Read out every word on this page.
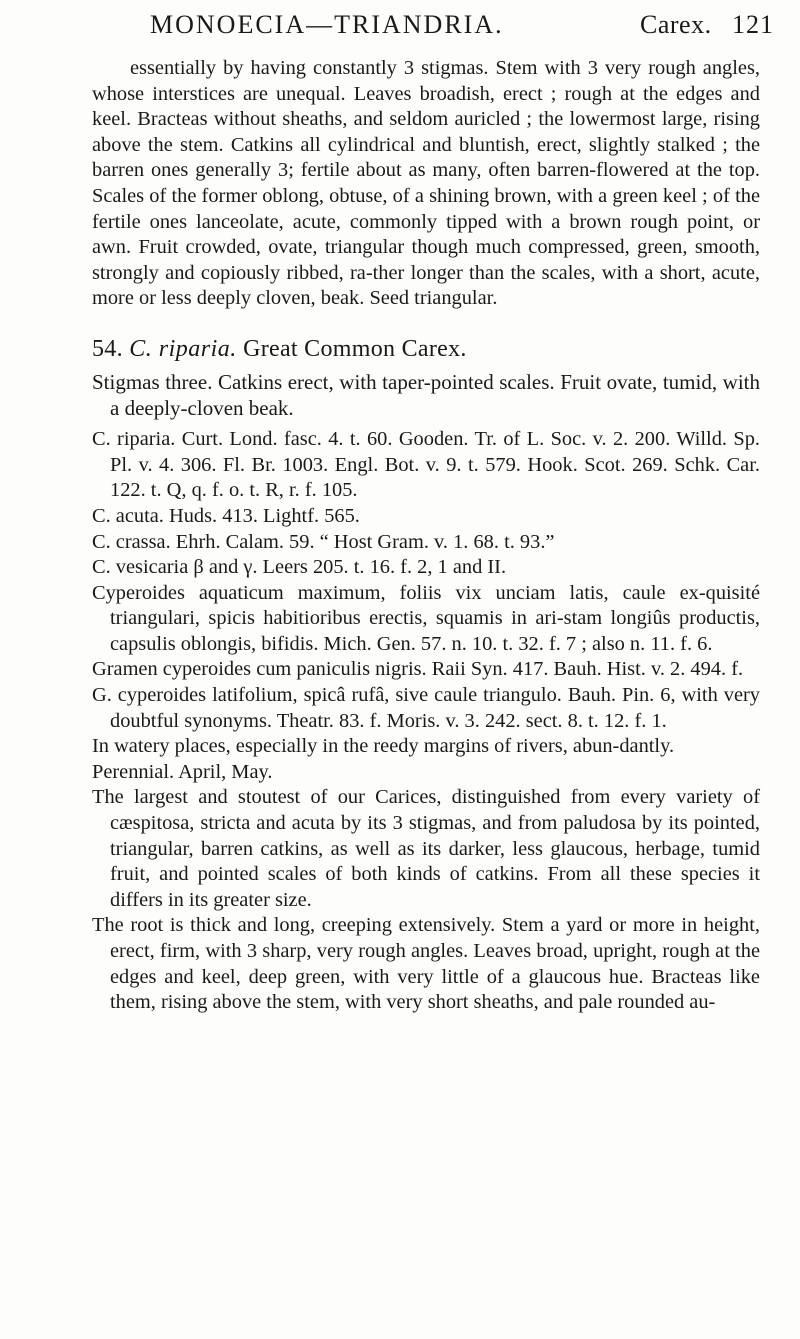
MONOECIA—TRIANDRIA.	Carex. 121

essentially by having constantly 3 stigmas. Stem with 3 very rough angles, whose interstices are unequal. Leaves broadish, erect ; rough at the edges and keel. Bracteas without sheaths, and seldom auricled ; the lowermost large, rising above the stem. Catkins all cylindrical and bluntish, erect, slightly stalked ; the barren ones generally 3; fertile about as many, often barren-flowered at the top. Scales of the former oblong, obtuse, of a shining brown, with a green keel ; of the fertile ones lanceolate, acute, commonly tipped with a brown rough point, or awn. Fruit crowded, ovate, triangular though much compressed, green, smooth, strongly and copiously ribbed, ra-ther longer than the scales, with a short, acute, more or less deeply cloven, beak. Seed triangular.

54. C. riparia. Great Common Carex.

Stigmas three. Catkins erect, with taper-pointed scales. Fruit ovate, tumid, with a deeply-cloven beak.

C. riparia. Curt. Lond. fasc. 4. t. 60. Gooden. Tr. of L. Soc. v. 2. 200. Willd. Sp. Pl. v. 4. 306. Fl. Br. 1003. Engl. Bot. v. 9. t. 579. Hook. Scot. 269. Schk. Car. 122. t. Q, q. f. o. t. R, r. f. 105.

C. acuta. Huds. 413. Lightf. 565.

C. crassa. Ehrh. Calam. 59. “ Host Gram. v. 1. 68. t. 93.”

C. vesicaria β and γ. Leers 205. t. 16. f. 2, 1 and II.

Cyperoides aquaticum maximum, foliis vix unciam latis, caule ex-quisité triangulari, spicis habitioribus erectis, squamis in ari-stam longiûs productis, capsulis oblongis, bifidis. Mich. Gen. 57. n. 10. t. 32. f. 7 ; also n. 11. f. 6.

Gramen cyperoides cum paniculis nigris. Raii Syn. 417. Bauh. Hist. v. 2. 494. f.

G. cyperoides latifolium, spicâ rufâ, sive caule triangulo. Bauh. Pin. 6, with very doubtful synonyms. Theatr. 83. f. Moris. v. 3. 242. sect. 8. t. 12. f. 1.

In watery places, especially in the reedy margins of rivers, abun-dantly.

Perennial. April, May.

The largest and stoutest of our Carices, distinguished from every variety of cæspitosa, stricta and acuta by its 3 stigmas, and from paludosa by its pointed, triangular, barren catkins, as well as its darker, less glaucous, herbage, tumid fruit, and pointed scales of both kinds of catkins. From all these species it differs in its greater size.

The root is thick and long, creeping extensively. Stem a yard or more in height, erect, firm, with 3 sharp, very rough angles. Leaves broad, upright, rough at the edges and keel, deep green, with very little of a glaucous hue. Bracteas like them, rising above the stem, with very short sheaths, and pale rounded au-
